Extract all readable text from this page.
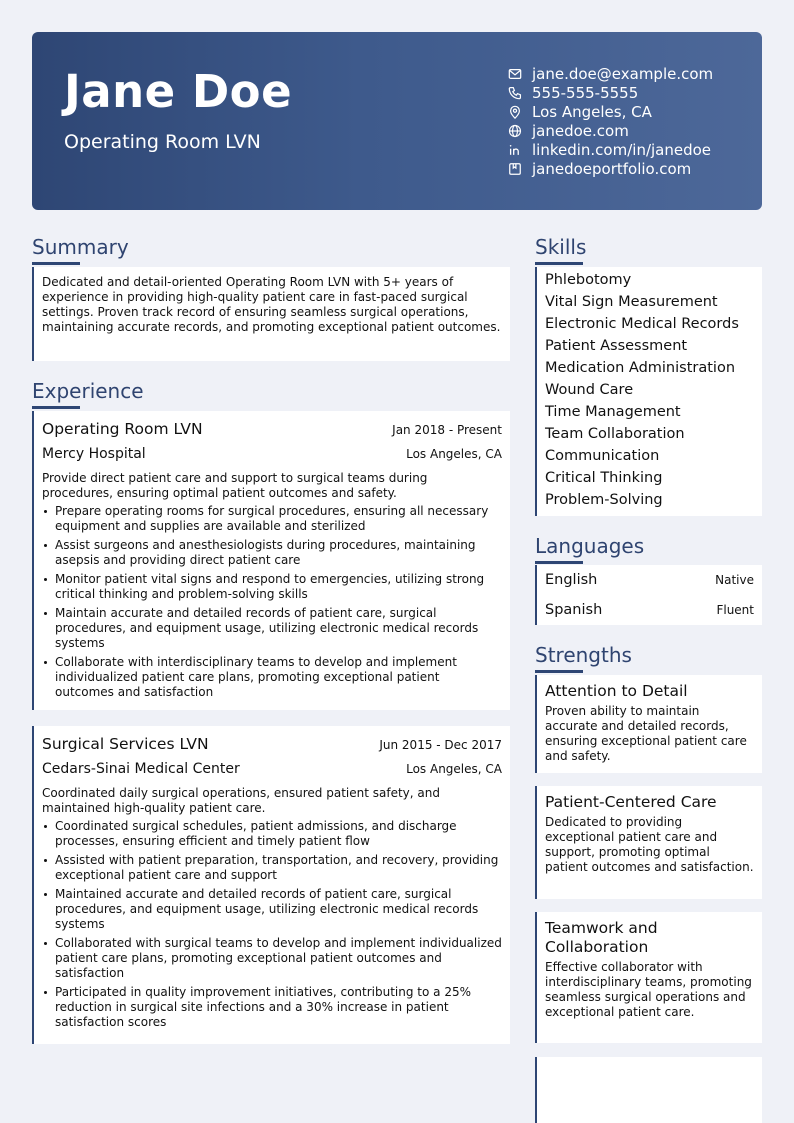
Jane Doe
Operating Room LVN
jane.doe@example.com
555-555-5555
Los Angeles, CA
janedoe.com
linkedin.com/in/janedoe
janedoeportfolio.com
Summary
Dedicated and detail-oriented Operating Room LVN with 5+ years of experience in providing high-quality patient care in fast-paced surgical settings. Proven track record of ensuring seamless surgical operations, maintaining accurate records, and promoting exceptional patient outcomes.
Experience
Operating Room LVN	Jan 2018 - Present
Mercy Hospital	Los Angeles, CA
Provide direct patient care and support to surgical teams during procedures, ensuring optimal patient outcomes and safety.
Prepare operating rooms for surgical procedures, ensuring all necessary equipment and supplies are available and sterilized
Assist surgeons and anesthesiologists during procedures, maintaining asepsis and providing direct patient care
Monitor patient vital signs and respond to emergencies, utilizing strong critical thinking and problem-solving skills
Maintain accurate and detailed records of patient care, surgical procedures, and equipment usage, utilizing electronic medical records systems
Collaborate with interdisciplinary teams to develop and implement individualized patient care plans, promoting exceptional patient outcomes and satisfaction
Surgical Services LVN	Jun 2015 - Dec 2017
Cedars-Sinai Medical Center	Los Angeles, CA
Coordinated daily surgical operations, ensured patient safety, and maintained high-quality patient care.
Coordinated surgical schedules, patient admissions, and discharge processes, ensuring efficient and timely patient flow
Assisted with patient preparation, transportation, and recovery, providing exceptional patient care and support
Maintained accurate and detailed records of patient care, surgical procedures, and equipment usage, utilizing electronic medical records systems
Collaborated with surgical teams to develop and implement individualized patient care plans, promoting exceptional patient outcomes and satisfaction
Participated in quality improvement initiatives, contributing to a 25% reduction in surgical site infections and a 30% increase in patient satisfaction scores
Skills
Phlebotomy
Vital Sign Measurement
Electronic Medical Records
Patient Assessment
Medication Administration
Wound Care
Time Management
Team Collaboration
Communication
Critical Thinking
Problem-Solving
Languages
English	Native
Spanish	Fluent
Strengths
Attention to Detail
Proven ability to maintain accurate and detailed records, ensuring exceptional patient care and safety.
Patient-Centered Care
Dedicated to providing exceptional patient care and support, promoting optimal patient outcomes and satisfaction.
Teamwork and Collaboration
Effective collaborator with interdisciplinary teams, promoting seamless surgical operations and exceptional patient care.
